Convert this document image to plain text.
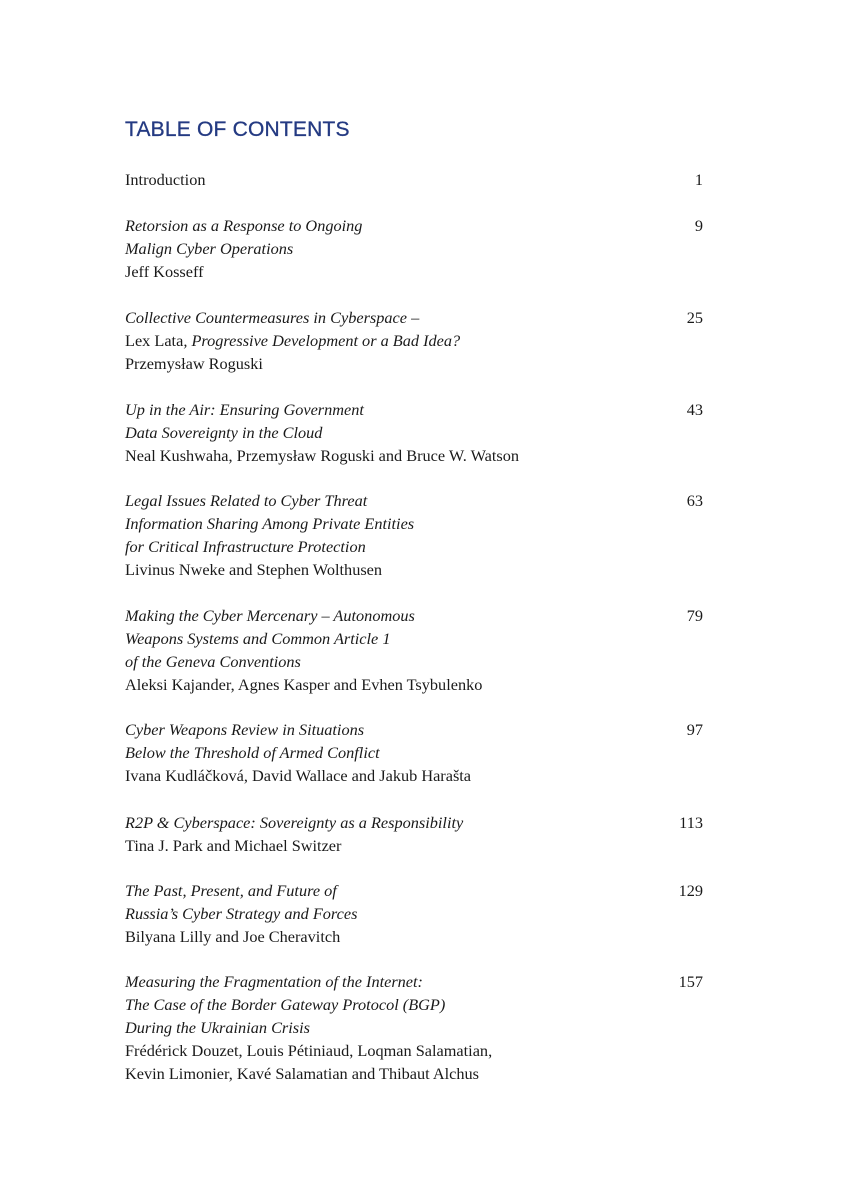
TABLE OF CONTENTS
Introduction	1
Retorsion as a Response to Ongoing
Malign Cyber Operations
Jeff Kosseff
9
Collective Countermeasures in Cyberspace –
Lex Lata, Progressive Development or a Bad Idea?
Przemysław Roguski
25
Up in the Air: Ensuring Government
Data Sovereignty in the Cloud
Neal Kushwaha, Przemysław Roguski and Bruce W. Watson
43
Legal Issues Related to Cyber Threat
Information Sharing Among Private Entities
for Critical Infrastructure Protection
Livinus Nweke and Stephen Wolthusen
63
Making the Cyber Mercenary – Autonomous
Weapons Systems and Common Article 1
of the Geneva Conventions
Aleksi Kajander, Agnes Kasper and Evhen Tsybulenko
79
Cyber Weapons Review in Situations
Below the Threshold of Armed Conflict
Ivana Kudláčková, David Wallace and Jakub Harašta
97
R2P & Cyberspace: Sovereignty as a Responsibility
Tina J. Park and Michael Switzer
113
The Past, Present, and Future of
Russia’s Cyber Strategy and Forces
Bilyana Lilly and Joe Cheravitch
129
Measuring the Fragmentation of the Internet:
The Case of the Border Gateway Protocol (BGP)
During the Ukrainian Crisis
Frédérick Douzet, Louis Pétiniaud, Loqman Salamatian,
Kevin Limonier, Kavé Salamatian and Thibaut Alchus
157
